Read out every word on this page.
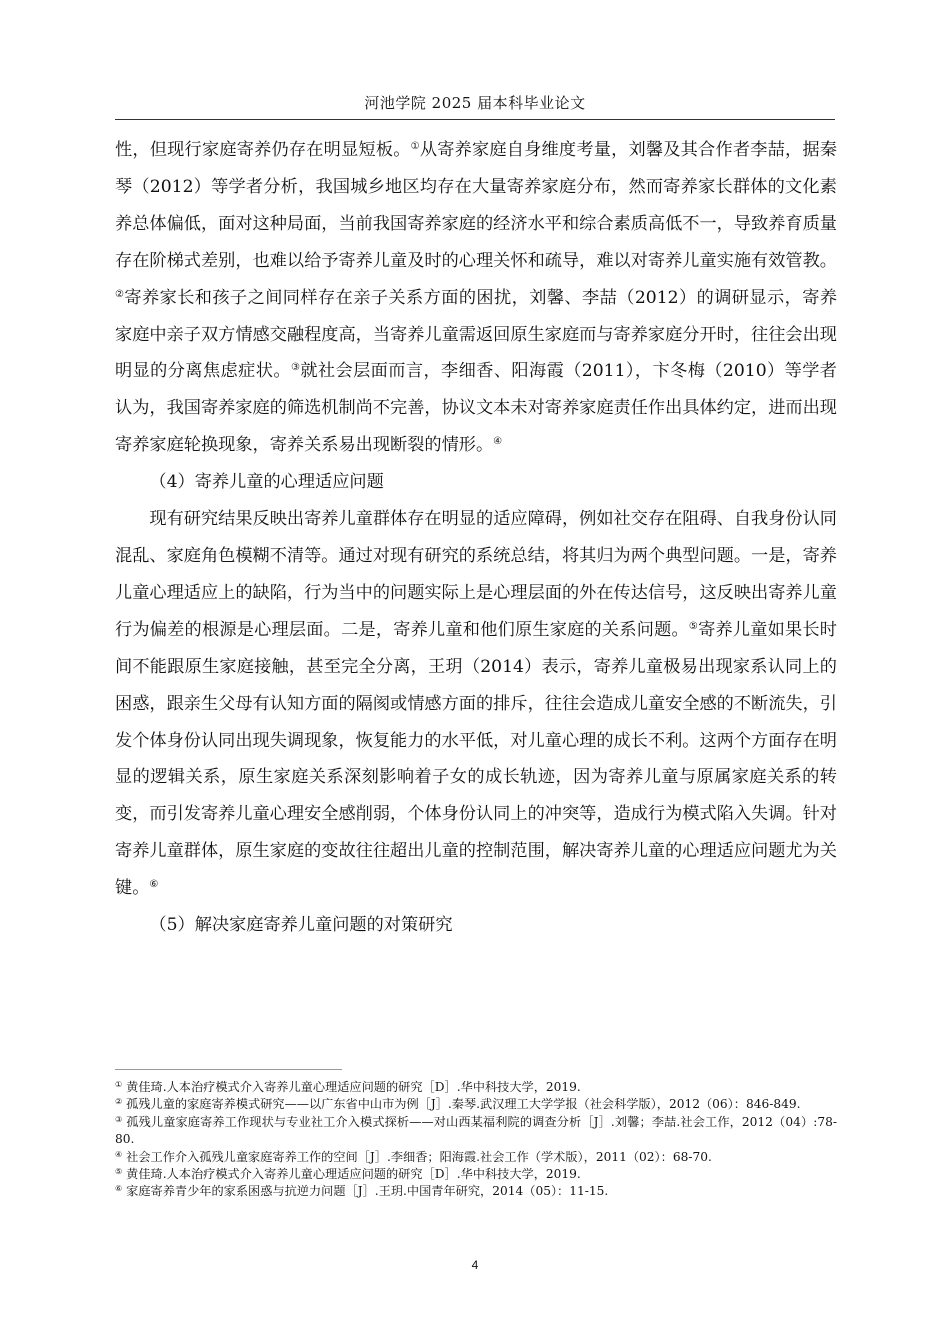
河池学院 2025 届本科毕业论文

性，但现行家庭寄养仍存在明显短板。①从寄养家庭自身维度考量，刘馨及其合作者李喆，据秦琴（2012）等学者分析，我国城乡地区均存在大量寄养家庭分布，然而寄养家长群体的文化素养总体偏低，面对这种局面，当前我国寄养家庭的经济水平和综合素质高低不一，导致养育质量存在阶梯式差别，也难以给予寄养儿童及时的心理关怀和疏导，难以对寄养儿童实施有效管教。②寄养家长和孩子之间同样存在亲子关系方面的困扰，刘馨、李喆（2012）的调研显示，寄养家庭中亲子双方情感交融程度高，当寄养儿童需返回原生家庭而与寄养家庭分开时，往往会出现明显的分离焦虑症状。③就社会层面而言，李细香、阳海霞（2011），卞冬梅（2010）等学者认为，我国寄养家庭的筛选机制尚不完善，协议文本未对寄养家庭责任作出具体约定，进而出现寄养家庭轮换现象，寄养关系易出现断裂的情形。④

（4）寄养儿童的心理适应问题

现有研究结果反映出寄养儿童群体存在明显的适应障碍，例如社交存在阻碍、自我身份认同混乱、家庭角色模糊不清等。通过对现有研究的系统总结，将其归为两个典型问题。一是，寄养儿童心理适应上的缺陷，行为当中的问题实际上是心理层面的外在传达信号，这反映出寄养儿童行为偏差的根源是心理层面。二是，寄养儿童和他们原生家庭的关系问题。⑤寄养儿童如果长时间不能跟原生家庭接触，甚至完全分离，王玥（2014）表示，寄养儿童极易出现家系认同上的困惑，跟亲生父母有认知方面的隔阂或情感方面的排斥，往往会造成儿童安全感的不断流失，引发个体身份认同出现失调现象，恢复能力的水平低，对儿童心理的成长不利。这两个方面存在明显的逻辑关系，原生家庭关系深刻影响着子女的成长轨迹，因为寄养儿童与原属家庭关系的转变，而引发寄养儿童心理安全感削弱，个体身份认同上的冲突等，造成行为模式陷入失调。针对寄养儿童群体，原生家庭的变故往往超出儿童的控制范围，解决寄养儿童的心理适应问题尤为关键。⑥

（5）解决家庭寄养儿童问题的对策研究

① 黄佳琦.人本治疗模式介入寄养儿童心理适应问题的研究［D］.华中科技大学，2019.

② 孤残儿童的家庭寄养模式研究——以广东省中山市为例［J］.秦琴.武汉理工大学学报（社会科学版），2012（06）：846-849.

③ 孤残儿童家庭寄养工作现状与专业社工介入模式探析——对山西某福利院的调查分析［J］.刘馨；李喆.社会工作，2012（04）:78-80.

④ 社会工作介入孤残儿童家庭寄养工作的空间［J］.李细香；阳海霞.社会工作（学术版），2011（02）：68-70.

⑤ 黄佳琦.人本治疗模式介入寄养儿童心理适应问题的研究［D］.华中科技大学，2019.

⑥ 家庭寄养青少年的家系困惑与抗逆力问题［J］.王玥.中国青年研究，2014（05）：11-15.

4
